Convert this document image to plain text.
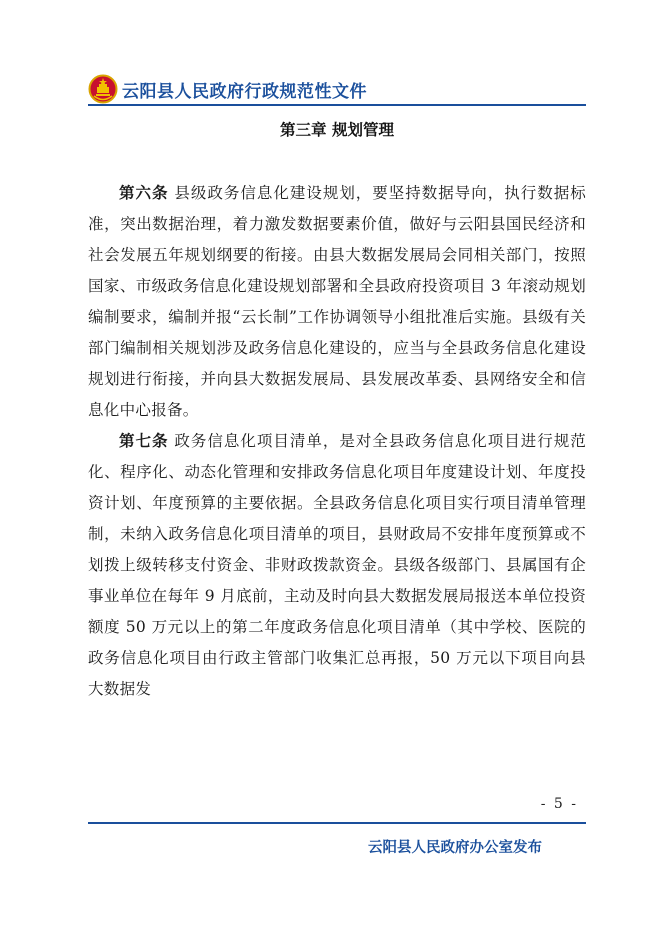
云阳县人民政府行政规范性文件
第三章 规划管理

第六条 县级政务信息化建设规划，要坚持数据导向，执行数据标准，突出数据治理，着力激发数据要素价值，做好与云阳县国民经济和社会发展五年规划纲要的衔接。由县大数据发展局会同相关部门，按照国家、市级政务信息化建设规划部署和全县政府投资项目 3 年滚动规划编制要求，编制并报“云长制”工作协调领导小组批准后实施。县级有关部门编制相关规划涉及政务信息化建设的，应当与全县政务信息化建设规划进行衔接，并向县大数据发展局、县发展改革委、县网络安全和信息化中心报备。

第七条 政务信息化项目清单，是对全县政务信息化项目进行规范化、程序化、动态化管理和安排政务信息化项目年度建设计划、年度投资计划、年度预算的主要依据。全县政务信息化项目实行项目清单管理制，未纳入政务信息化项目清单的项目，县财政局不安排年度预算或不划拨上级转移支付资金、非财政拨款资金。县级各级部门、县属国有企事业单位在每年 9 月底前，主动及时向县大数据发展局报送本单位投资额度 50 万元以上的第二年度政务信息化项目清单（其中学校、医院的政务信息化项目由行政主管部门收集汇总再报，50 万元以下项目向县大数据发

- 5 -
云阳县人民政府办公室发布
